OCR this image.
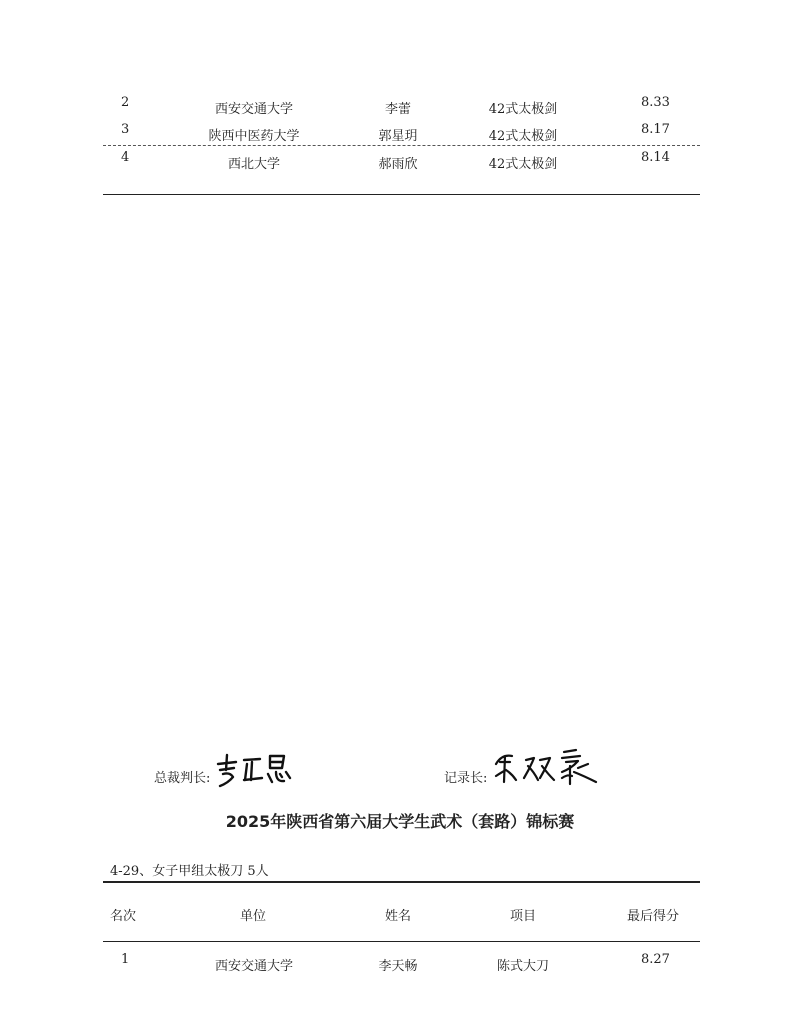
2	西安交通大学	李蕾	42式太极剑	8.33
3	陕西中医药大学	郭星玥	42式太极剑	8.17
4	西北大学	郝雨欣	42式太极剑	8.14
总裁判长:	记录长:
2025年陕西省第六届大学生武术（套路）锦标赛
4-29、女子甲组太极刀 5人
名次	单位	姓名	项目	最后得分
1	西安交通大学	李天畅	陈式大刀	8.27
